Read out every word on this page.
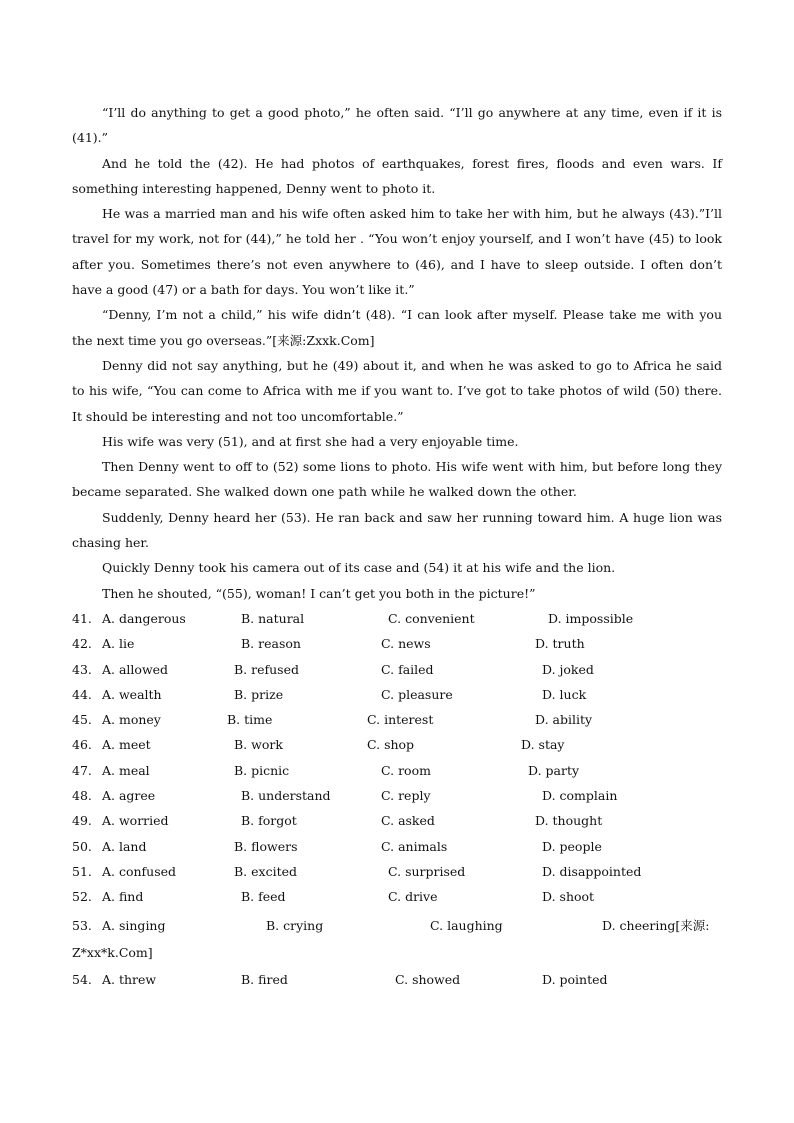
“I’ll do anything to get a good photo,” he often said. “I’ll go anywhere at any time, even if it is (41).”

And he told the (42). He had photos of earthquakes, forest fires, floods and even wars. If something interesting happened, Denny went to photo it.

He was a married man and his wife often asked him to take her with him, but he always (43).”I’ll travel for my work, not for (44),” he told her . “You won’t enjoy yourself, and I won’t have (45) to look after you. Sometimes there’s not even anywhere to (46), and I have to sleep outside. I often don’t have a good (47) or a bath for days. You won’t like it.”

“Denny, I’m not a child,” his wife didn’t (48). “I can look after myself. Please take me with you the next time you go overseas.”[来源:Zxxk.Com]

Denny did not say anything, but he (49) about it, and when he was asked to go to Africa he said to his wife, “You can come to Africa with me if you want to. I’ve got to take photos of wild (50) there. It should be interesting and not too uncomfortable.”

His wife was very (51), and at first she had a very enjoyable time.

Then Denny went to off to (52) some lions to photo. His wife went with him, but before long they became separated. She walked down one path while he walked down the other.

Suddenly, Denny heard her (53). He ran back and saw her running toward him. A huge lion was chasing her.

Quickly Denny took his camera out of its case and (54) it at his wife and the lion.

Then he shouted, “(55), woman! I can’t get you both in the picture!”

41. A. dangerous	B. natural	C. convenient	D. impossible
42. A. lie	B. reason	C. news	D. truth
43. A. allowed	B. refused	C. failed	D. joked
44. A. wealth	B. prize	C. pleasure	D. luck
45. A. money	B. time	C. interest	D. ability
46. A. meet	B. work	C. shop	D. stay
47. A. meal	B. picnic	C. room	D. party
48. A. agree	B. understand	C. reply	D. complain
49. A. worried	B. forgot	C. asked	D. thought
50. A. land	B. flowers	C. animals	D. people
51. A. confused	B. excited	C. surprised	D. disappointed
52. A. find	B. feed	C. drive	D. shoot
53. A. singing	B. crying	C. laughing	D. cheering[来源:

Z*xx*k.Com]

54. A. threw	B. fired	C. showed	D. pointed
